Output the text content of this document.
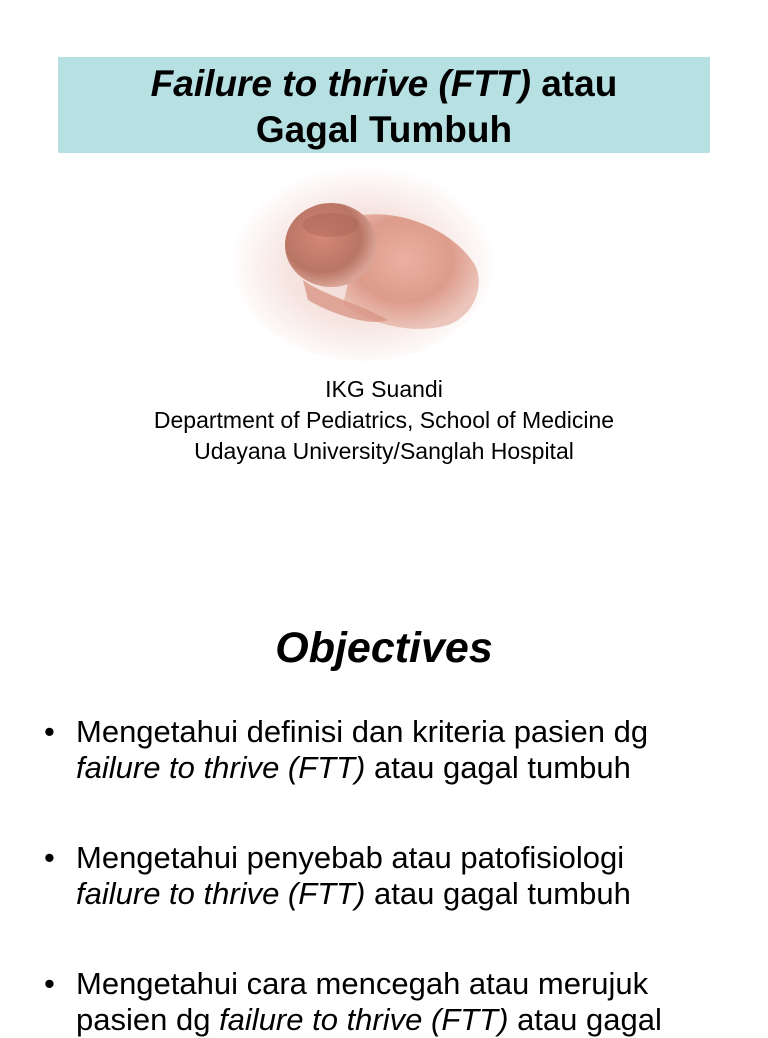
Failure to thrive (FTT) atau
Gagal Tumbuh
IKG Suandi
Department of Pediatrics, School of Medicine
Udayana University/Sanglah Hospital
Objectives
• Mengetahui definisi dan kriteria pasien dg
failure to thrive (FTT) atau gagal tumbuh
• Mengetahui penyebab atau patofisiologi
failure to thrive (FTT) atau gagal tumbuh
• Mengetahui cara mencegah atau merujuk
pasien dg failure to thrive (FTT) atau gagal
